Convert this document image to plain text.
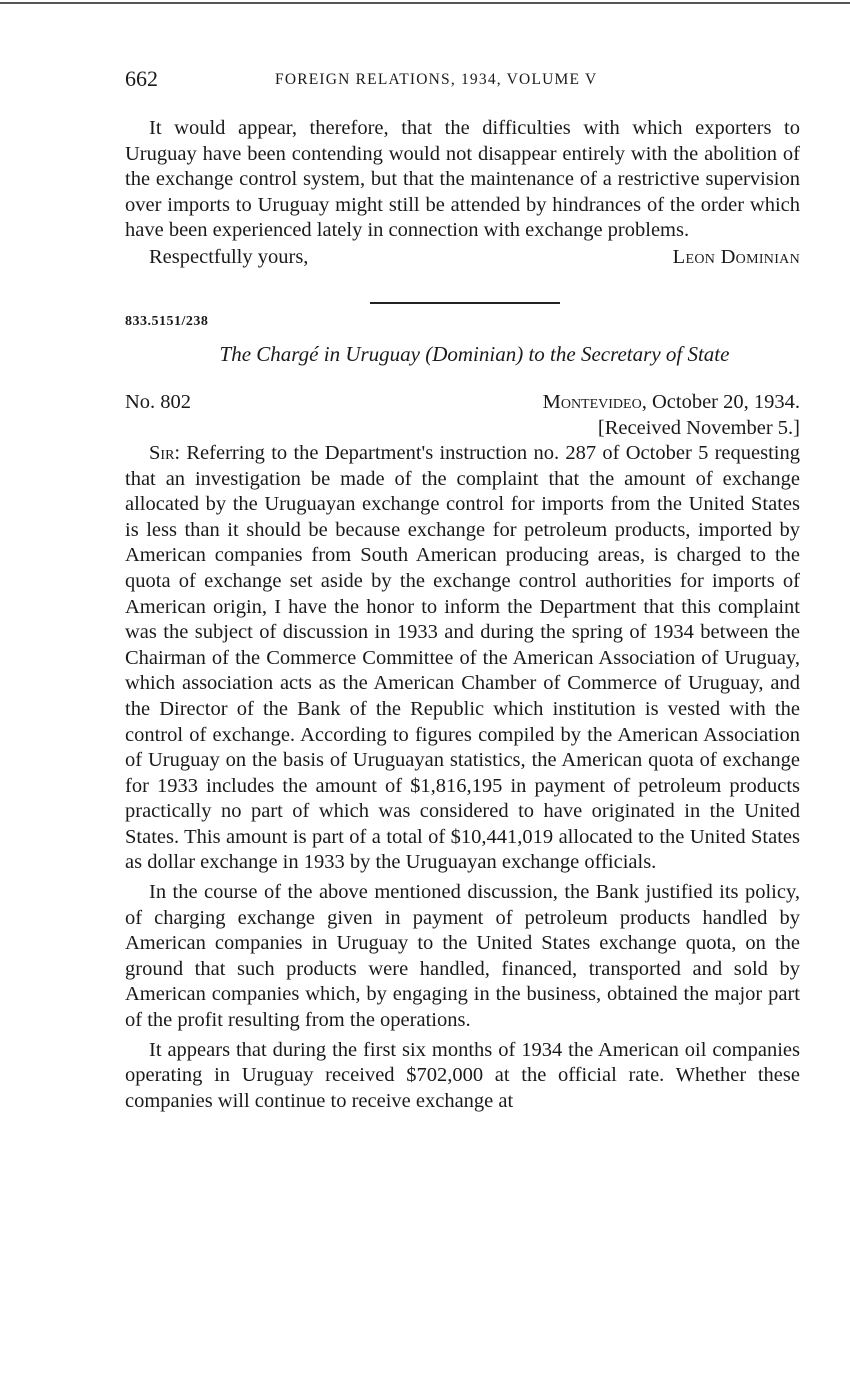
662	FOREIGN RELATIONS, 1934, VOLUME V

It would appear, therefore, that the difficulties with which exporters to Uruguay have been contending would not disappear entirely with the abolition of the exchange control system, but that the maintenance of a restrictive supervision over imports to Uruguay might still be attended by hindrances of the order which have been experienced lately in connection with exchange problems.

Respectfully yours,	Leon Dominian
833.5151/238
The Chargé in Uruguay (Dominian) to the Secretary of State
No. 802	Montevideo, October 20, 1934.
[Received November 5.]

Sir: Referring to the Department's instruction no. 287 of October 5 requesting that an investigation be made of the complaint that the amount of exchange allocated by the Uruguayan exchange control for imports from the United States is less than it should be because exchange for petroleum products, imported by American companies from South American producing areas, is charged to the quota of exchange set aside by the exchange control authorities for imports of American origin, I have the honor to inform the Department that this complaint was the subject of discussion in 1933 and during the spring of 1934 between the Chairman of the Commerce Committee of the American Association of Uruguay, which association acts as the American Chamber of Commerce of Uruguay, and the Director of the Bank of the Republic which institution is vested with the control of exchange. According to figures compiled by the American Association of Uruguay on the basis of Uruguayan statistics, the American quota of exchange for 1933 includes the amount of $1,816,195 in payment of petroleum products practically no part of which was considered to have originated in the United States. This amount is part of a total of $10,441,019 allocated to the United States as dollar exchange in 1933 by the Uruguayan exchange officials.

In the course of the above mentioned discussion, the Bank justified its policy, of charging exchange given in payment of petroleum products handled by American companies in Uruguay to the United States exchange quota, on the ground that such products were handled, financed, transported and sold by American companies which, by engaging in the business, obtained the major part of the profit resulting from the operations.

It appears that during the first six months of 1934 the American oil companies operating in Uruguay received $702,000 at the official rate. Whether these companies will continue to receive exchange at
